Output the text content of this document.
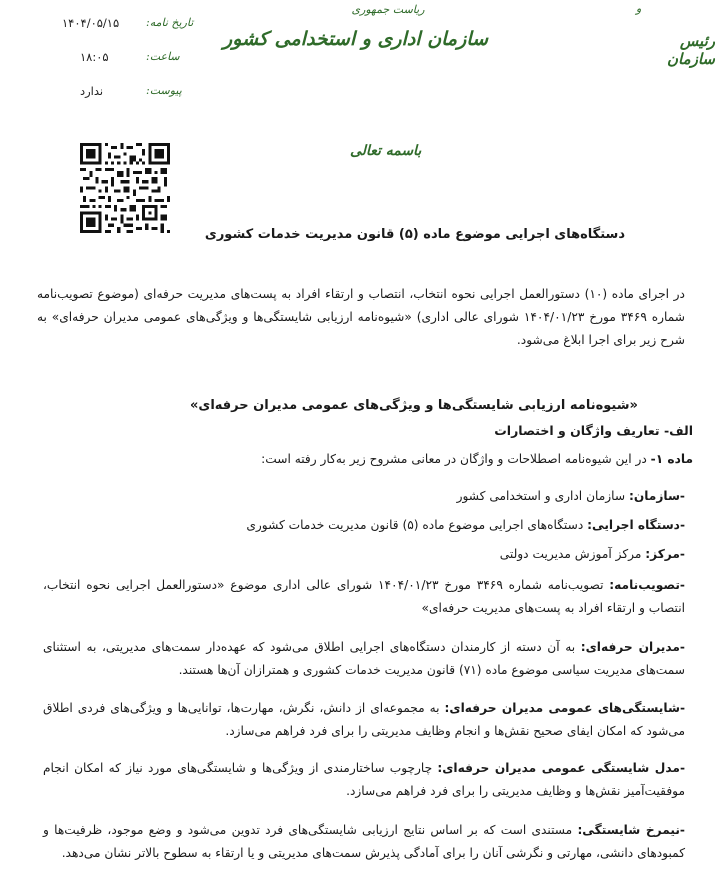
و
رئیس سازمان
ریاست جمهوری
سازمان اداری و استخدامی کشور
تاریخ نامه:
۱۴۰۴/۰۵/۱۵
ساعت:
۱۸:۰۵
پیوست:
ندارد
باسمه تعالی
دستگاه‌های اجرایی موضوع ماده (۵) قانون مدیریت خدمات کشوری
در اجرای ماده (۱۰) دستورالعمل اجرایی نحوه انتخاب، انتصاب و ارتقاء افراد به پست‌های مدیریت حرفه‌ای (موضوع تصویب‌نامه شماره ۳۴۶۹ مورخ ۱۴۰۴/۰۱/۲۳ شورای عالی اداری) «شیوه‌نامه ارزیابی شایستگی‌ها و ویژگی‌های عمومی مدیران حرفه‌ای» به شرح زیر برای اجرا ابلاغ می‌شود.
«شیوه‌نامه ارزیابی شایستگی‌ها و ویژگی‌های عمومی مدیران حرفه‌ای»
الف- تعاریف واژگان و اختصارات
ماده ۱- در این شیوه‌نامه اصطلاحات و واژگان در معانی مشروح زیر به‌کار رفته است:
-سازمان: سازمان اداری و استخدامی کشور
-دستگاه اجرایی: دستگاه‌های اجرایی موضوع ماده (۵) قانون مدیریت خدمات کشوری
-مرکز: مرکز آموزش مدیریت دولتی
-تصویب‌نامه: تصویب‌نامه شماره ۳۴۶۹ مورخ ۱۴۰۴/۰۱/۲۳ شورای عالی اداری موضوع «دستورالعمل اجرایی نحوه انتخاب، انتصاب و ارتقاء افراد به پست‌های مدیریت حرفه‌ای»
-مدیران حرفه‌ای: به آن دسته از کارمندان دستگاه‌های اجرایی اطلاق می‌شود که عهده‌دار سمت‌های مدیریتی، به استثنای سمت‌های مدیریت سیاسی موضوع ماده (۷۱) قانون مدیریت خدمات کشوری و همترازان آن‌ها هستند.
-شایستگی‌های عمومی مدیران حرفه‌ای: به مجموعه‌ای از دانش، نگرش، مهارت‌ها، توانایی‌ها و ویژگی‌های فردی اطلاق می‌شود که امکان ایفای صحیح نقش‌ها و انجام وظایف مدیریتی را برای فرد فراهم می‌سازد.
-مدل شایستگی عمومی مدیران حرفه‌ای: چارچوب ساختارمندی از ویژگی‌ها و شایستگی‌های مورد نیاز که امکان انجام موفقیت‌آمیز نقش‌ها و وظایف مدیریتی را برای فرد فراهم می‌سازد.
-نیمرخ شایستگی: مستندی است که بر اساس نتایج ارزیابی شایستگی‌های فرد تدوین می‌شود و وضع موجود، ظرفیت‌ها و کمبودهای دانشی، مهارتی و نگرشی آنان را برای آمادگی پذیرش سمت‌های مدیریتی و یا ارتقاء به سطوح بالاتر نشان می‌دهد.
